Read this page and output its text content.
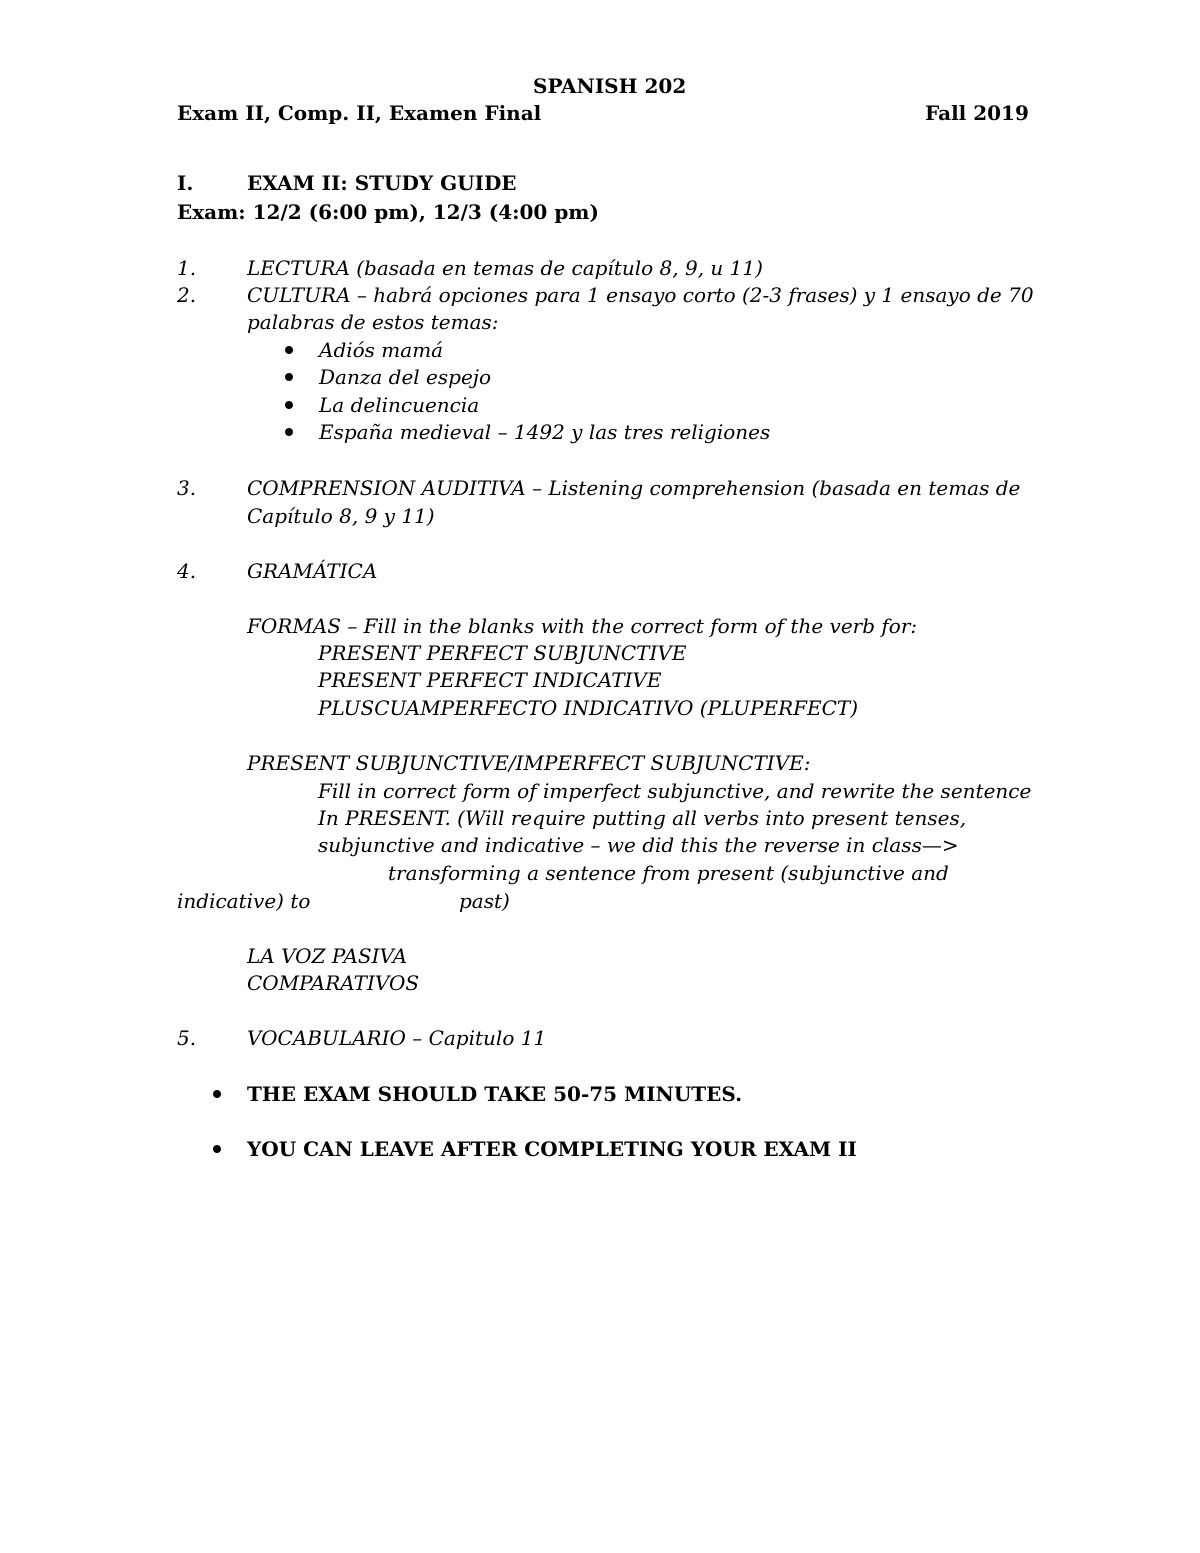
SPANISH 202
Exam II, Comp. II, Examen Final	Fall 2019
I.	EXAM II: STUDY GUIDE
Exam: 12/2 (6:00 pm), 12/3 (4:00 pm)
1.	LECTURA (basada en temas de capítulo 8, 9, u 11)
2.	CULTURA – habrá opciones para 1 ensayo corto (2-3 frases) y 1 ensayo de 70
palabras de estos temas:
Adiós mamá
Danza del espejo
La delincuencia
España medieval – 1492 y las tres religiones
3.	COMPRENSION AUDITIVA – Listening comprehension (basada en temas de
Capítulo 8, 9 y 11)
4.	GRAMÁTICA
FORMAS – Fill in the blanks with the correct form of the verb for:
PRESENT PERFECT SUBJUNCTIVE
PRESENT PERFECT INDICATIVE
PLUSCUAMPERFECTO INDICATIVO (PLUPERFECT)
PRESENT SUBJUNCTIVE/IMPERFECT SUBJUNCTIVE:
Fill in correct form of imperfect subjunctive, and rewrite the sentence
In PRESENT. (Will require putting all verbs into present tenses,
subjunctive and indicative – we did this the reverse in class—>
transforming a sentence from present (subjunctive and
indicative) to	past)
LA VOZ PASIVA
COMPARATIVOS
5.	VOCABULARIO – Capitulo 11
THE EXAM SHOULD TAKE 50-75 MINUTES.
YOU CAN LEAVE AFTER COMPLETING YOUR EXAM II
